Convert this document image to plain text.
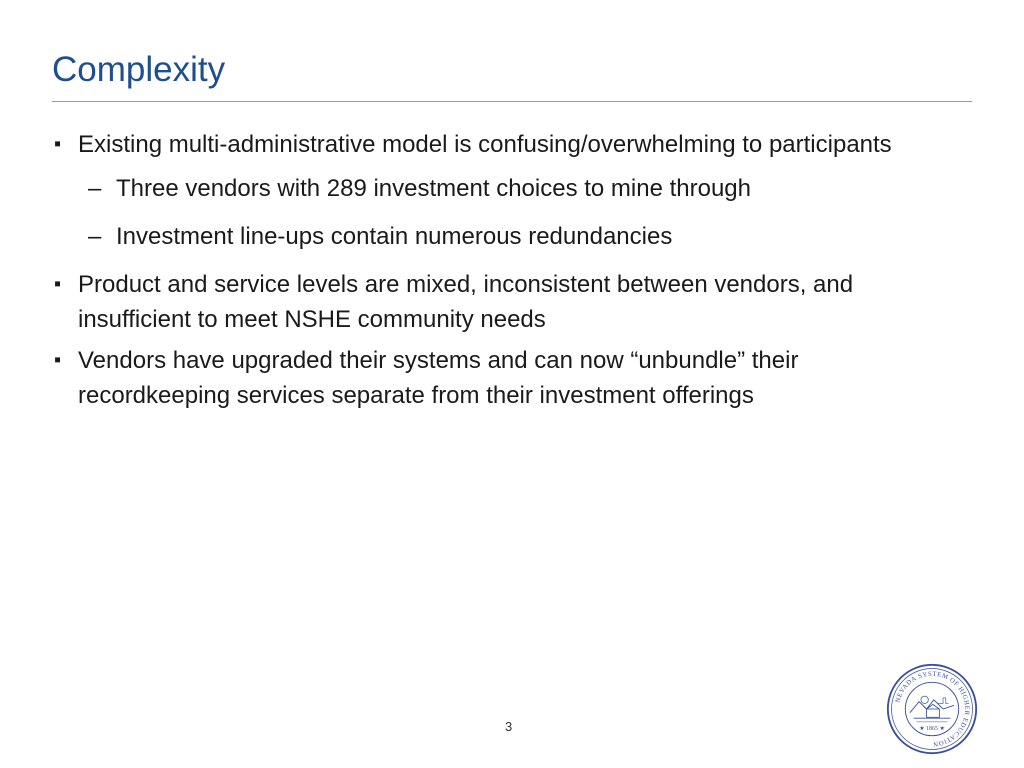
Complexity
▪ Existing multi-administrative model is confusing/overwhelming to participants
– Three vendors with 289 investment choices to mine through
– Investment line-ups contain numerous redundancies
▪ Product and service levels are mixed, inconsistent between vendors, and insufficient to meet NSHE community needs
▪ Vendors have upgraded their systems and can now “unbundle” their recordkeeping services separate from their investment offerings
3
NEVADA SYSTEM OF HIGHER EDUCATION
★ 1865 ★
